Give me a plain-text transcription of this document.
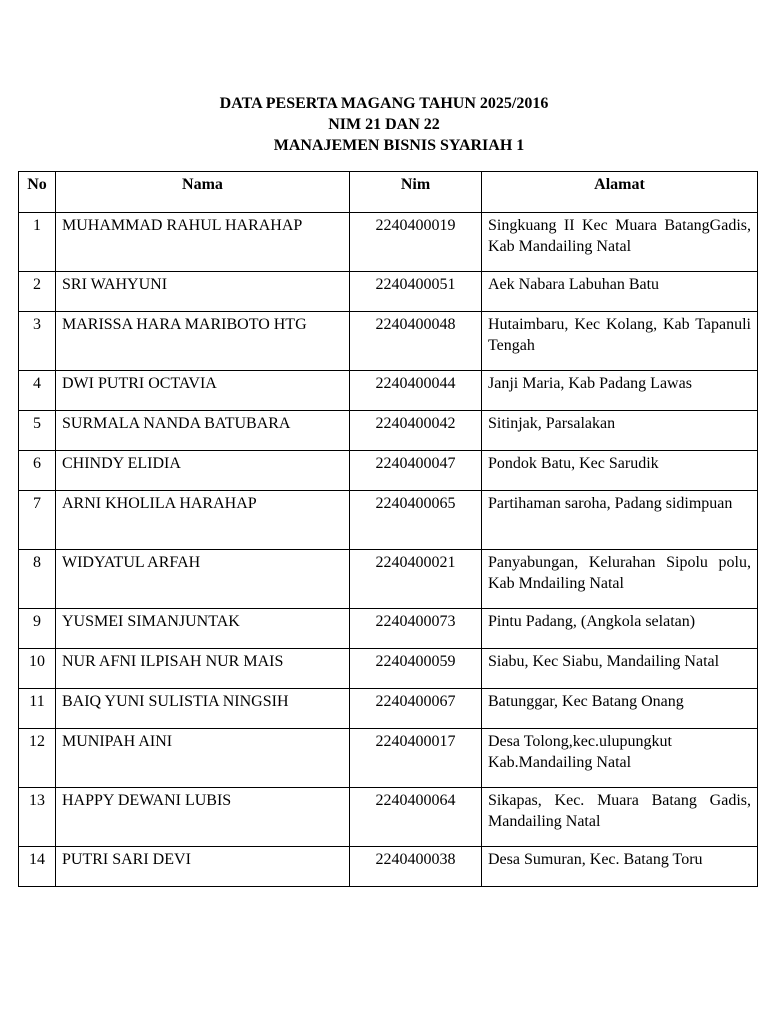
DATA PESERTA MAGANG TAHUN 2025/2016
NIM 21 DAN 22
MANAJEMEN BISNIS SYARIAH 1
No	Nama	Nim	Alamat
1	MUHAMMAD RAHUL HARAHAP	2240400019	Singkuang II Kec Muara BatangGadis, Kab Mandailing Natal
2	SRI WAHYUNI	2240400051	Aek Nabara Labuhan Batu
3	MARISSA HARA MARIBOTO HTG	2240400048	Hutaimbaru, Kec Kolang, Kab Tapanuli Tengah
4	DWI PUTRI OCTAVIA	2240400044	Janji Maria, Kab Padang Lawas
5	SURMALA NANDA BATUBARA	2240400042	Sitinjak, Parsalakan
6	CHINDY ELIDIA	2240400047	Pondok Batu, Kec Sarudik
7	ARNI KHOLILA HARAHAP	2240400065	Partihaman saroha, Padang sidimpuan
8	WIDYATUL ARFAH	2240400021	Panyabungan, Kelurahan Sipolu polu, Kab Mndailing Natal
9	YUSMEI SIMANJUNTAK	2240400073	Pintu Padang, (Angkola selatan)
10	NUR AFNI ILPISAH NUR MAIS	2240400059	Siabu, Kec Siabu, Mandailing Natal
11	BAIQ YUNI SULISTIA NINGSIH	2240400067	Batunggar, Kec Batang Onang
12	MUNIPAH AINI	2240400017	Desa Tolong,kec.ulupungkut Kab.Mandailing Natal
13	HAPPY DEWANI LUBIS	2240400064	Sikapas, Kec. Muara Batang Gadis, Mandailing Natal
14	PUTRI SARI DEVI	2240400038	Desa Sumuran, Kec. Batang Toru
